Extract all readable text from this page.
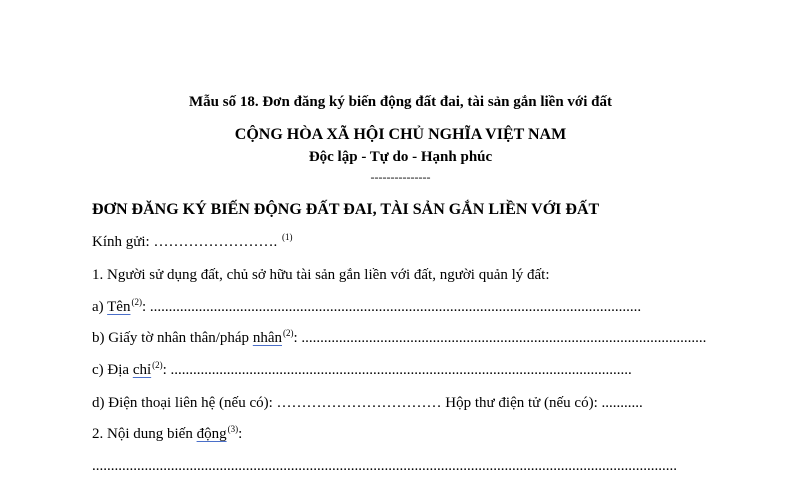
Mẫu số 18. Đơn đăng ký biến động đất đai, tài sản gắn liền với đất
CỘNG HÒA XÃ HỘI CHỦ NGHĨA VIỆT NAM
Độc lập - Tự do - Hạnh phúc
---------------
ĐƠN ĐĂNG KÝ BIẾN ĐỘNG ĐẤT ĐAI, TÀI SẢN GẮN LIỀN VỚI ĐẤT
Kính gửi: ……………………. $^{(1)}$
1. Người sử dụng đất, chủ sở hữu tài sản gắn liền với đất, người quản lý đất:
a) Tên$^{(2)}$: ...................................................................................................................................
b) Giấy tờ nhân thân/pháp nhân$^{(2)}$: ............................................................................................................
c) Địa chỉ$^{(2)}$: ...........................................................................................................................
d) Điện thoại liên hệ (nếu có): …………………………… Hộp thư điện tử (nếu có): ...........
2. Nội dung biến động$^{(3)}$:
............................................................................................................................................................
